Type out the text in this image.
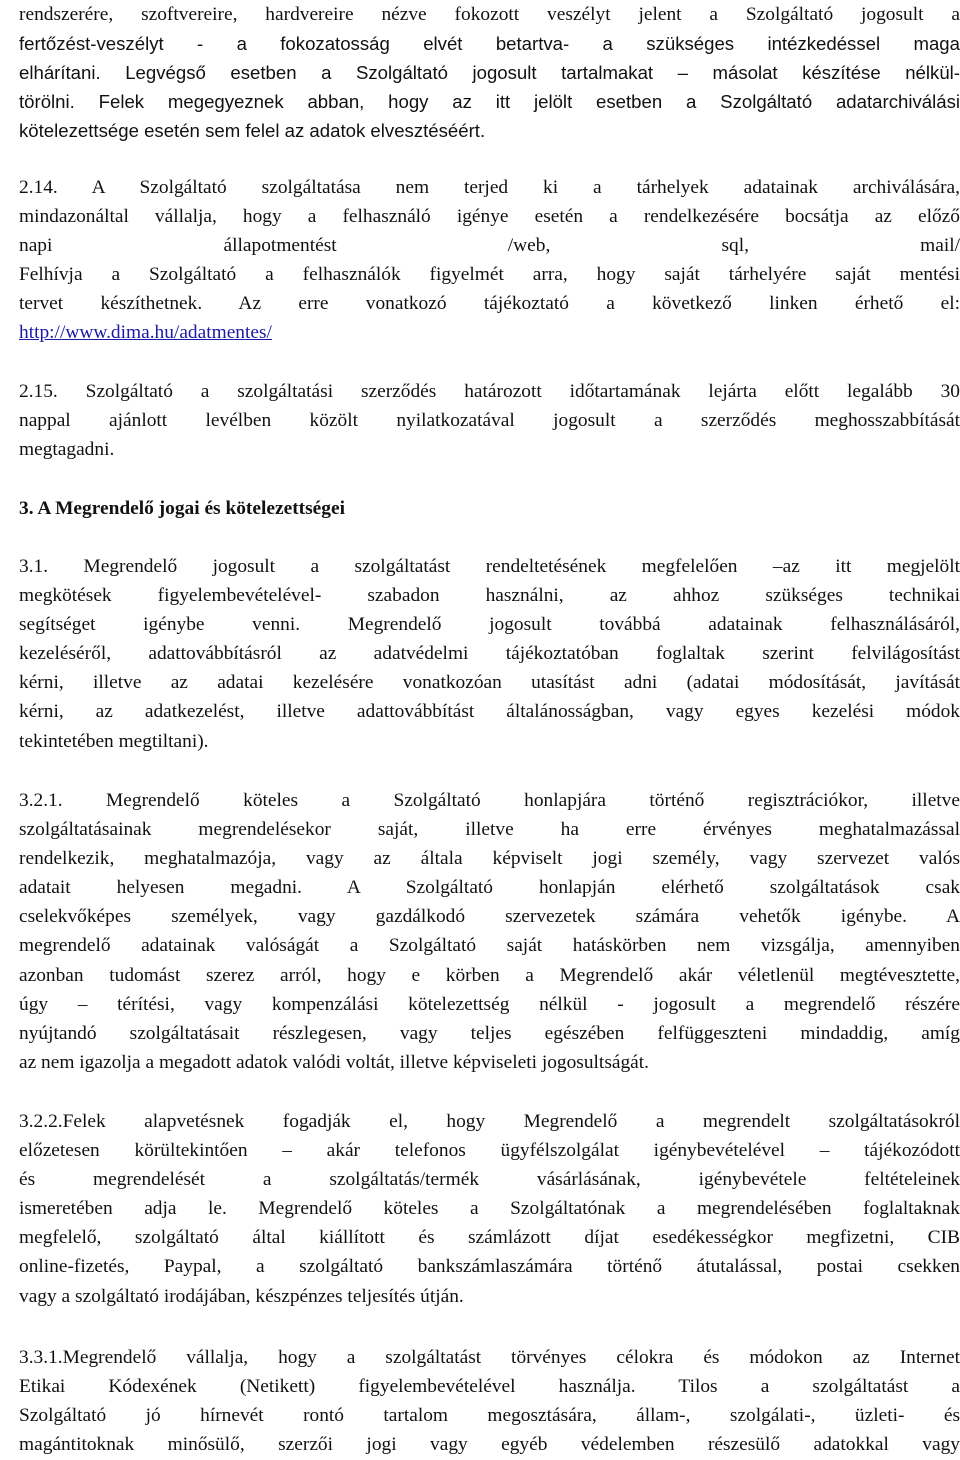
rendszerére, szoftvereire, hardvereire nézve fokozott veszélyt jelent a Szolgáltató jogosult a
fertőzést-veszélyt - a fokozatosság elvét betartva- a szükséges intézkedéssel maga
elhárítani. Legvégső esetben a Szolgáltató jogosult tartalmakat – másolat készítése nélkül-
törölni. Felek megegyeznek abban, hogy az itt jelölt esetben a Szolgáltató adatarchiválási
kötelezettsége esetén sem felel az adatok elvesztéséért.
2.14. A Szolgáltató szolgáltatása nem terjed ki a tárhelyek adatainak archiválására,
mindazonáltal vállalja, hogy a felhasználó igénye esetén a rendelkezésére bocsátja az előző
napi állapotmentést /web, sql, mail/
Felhívja a Szolgáltató a felhasználók figyelmét arra, hogy saját tárhelyére saját mentési
tervet készíthetnek. Az erre vonatkozó tájékoztató a következő linken érhető el:
http://www.dima.hu/adatmentes/
2.15. Szolgáltató a szolgáltatási szerződés határozott időtartamának lejárta előtt legalább 30
nappal ajánlott levélben közölt nyilatkozatával jogosult a szerződés meghosszabbítását
megtagadni.
3. A Megrendelő jogai és kötelezettségei
3.1. Megrendelő jogosult a szolgáltatást rendeltetésének megfelelően –az itt megjelölt
megkötések figyelembevételével- szabadon használni, az ahhoz szükséges technikai
segítséget igénybe venni. Megrendelő jogosult továbbá adatainak felhasználásáról,
kezeléséről, adattovábbításról az adatvédelmi tájékoztatóban foglaltak szerint felvilágosítást
kérni, illetve az adatai kezelésére vonatkozóan utasítást adni (adatai módosítását, javítását
kérni, az adatkezelést, illetve adattovábbítást általánosságban, vagy egyes kezelési módok
tekintetében megtiltani).
3.2.1. Megrendelő köteles a Szolgáltató honlapjára történő regisztrációkor, illetve
szolgáltatásainak megrendelésekor saját, illetve ha erre érvényes meghatalmazással
rendelkezik, meghatalmazója, vagy az általa képviselt jogi személy, vagy szervezet valós
adatait helyesen megadni. A Szolgáltató honlapján elérhető szolgáltatások csak
cselekvőképes személyek, vagy gazdálkodó szervezetek számára vehetők igénybe. A
megrendelő adatainak valóságát a Szolgáltató saját hatáskörben nem vizsgálja, amennyiben
azonban tudomást szerez arról, hogy e körben a Megrendelő akár véletlenül megtévesztette,
úgy – térítési, vagy kompenzálási kötelezettség nélkül - jogosult a megrendelő részére
nyújtandó szolgáltatásait részlegesen, vagy teljes egészében felfüggeszteni mindaddig, amíg
az nem igazolja a megadott adatok valódi voltát, illetve képviseleti jogosultságát.
3.2.2.Felek alapvetésnek fogadják el, hogy Megrendelő a megrendelt szolgáltatásokról
előzetesen körültekintően – akár telefonos ügyfélszolgálat igénybevételével – tájékozódott
és megrendelését a szolgáltatás/termék vásárlásának, igénybevétele feltételeinek
ismeretében adja le. Megrendelő köteles a Szolgáltatónak a megrendelésében foglaltaknak
megfelelő, szolgáltató által kiállított és számlázott díjat esedékességkor megfizetni, CIB
online-fizetés, Paypal, a szolgáltató bankszámlaszámára történő átutalással, postai csekken
vagy a szolgáltató irodájában, készpénzes teljesítés útján.
3.3.1.Megrendelő vállalja, hogy a szolgáltatást törvényes célokra és módokon az Internet
Etikai Kódexének (Netikett) figyelembevételével használja. Tilos a szolgáltatást a
Szolgáltató jó hírnevét rontó tartalom megosztására, állam-, szolgálati-, üzleti- és
magántitoknak minősülő, szerzői jogi vagy egyéb védelemben részesülő adatokkal vagy
